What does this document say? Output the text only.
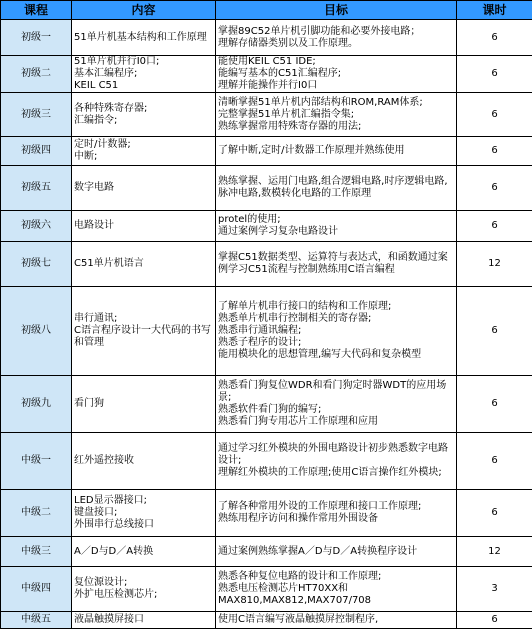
课程	内容	目标	课时
初级一	51单片机基本结构和工作原理	掌握89C52单片机引脚功能和必要外接电路；
理解存储器类别以及工作原理。	6
初级二	51单片机并行I0口;
基本汇编程序;
KEIL C51	能使用KEIL C51 IDE;
能编写基本的C51汇编程序;
理解并能操作并行I0口	6
初级三	各种特殊寄存器;
汇编指令;	清晰掌握51单片机内部结构和ROM,RAM体系;
完整掌握51单片机汇编指令集;
熟练掌握常用特殊寄存器的用法;	6
初级四	定时/计数器;
中断;	了解中断,定时/计数器工作原理并熟练使用	6
初级五	数字电路	熟练掌握、运用门电路,组合逻辑电路,时序逻辑电路,脉冲电路,数模转化电路的工作原理	6
初级六	电路设计	protel的使用;
通过案例学习复杂电路设计	6
初级七	C51单片机语言	掌握C51数据类型、运算符与表达式，和函数通过案例学习C51流程与控制熟练用C语言编程	12
初级八	串行通讯;
C语言程序设计一大代码的书写和管理	了解单片机串行接口的结构和工作原理;
熟悉单片机串行控制相关的寄存器;
熟悉串行通讯编程;
熟悉子程序的设计;
能用模块化的思想管理,编写大代码和复杂模型	6
初级九	看门狗	熟悉看门狗复位WDR和看门狗定时器WDT的应用场景;
熟悉软件看门狗的编写;
熟悉看门狗专用芯片工作原理和应用	6
中级一	红外遥控接收	通过学习红外模块的外围电路设计初步熟悉数字电路设计;
理解红外模块的工作原理;使用C语言操作红外模块;	6
中级二	LED显示器接口;
键盘接口;
外围串行总线接口	了解各种常用外设的工作原理和接口工作原理;
熟练用程序访问和操作常用外围设备	6
中级三	A／D与D／A转换	通过案例熟练掌握A／D与D／A转换程序设计	12
中级四	复位源设计;
外扩电压检测芯片;	熟悉各种复位电路的设计和工作原理;
熟悉电压检测芯片HT70XX和
MAX810,MAX812,MAX707/708	3
中级五	液晶触摸屏接口	使用C语言编写液晶触摸屏控制程序,	6
